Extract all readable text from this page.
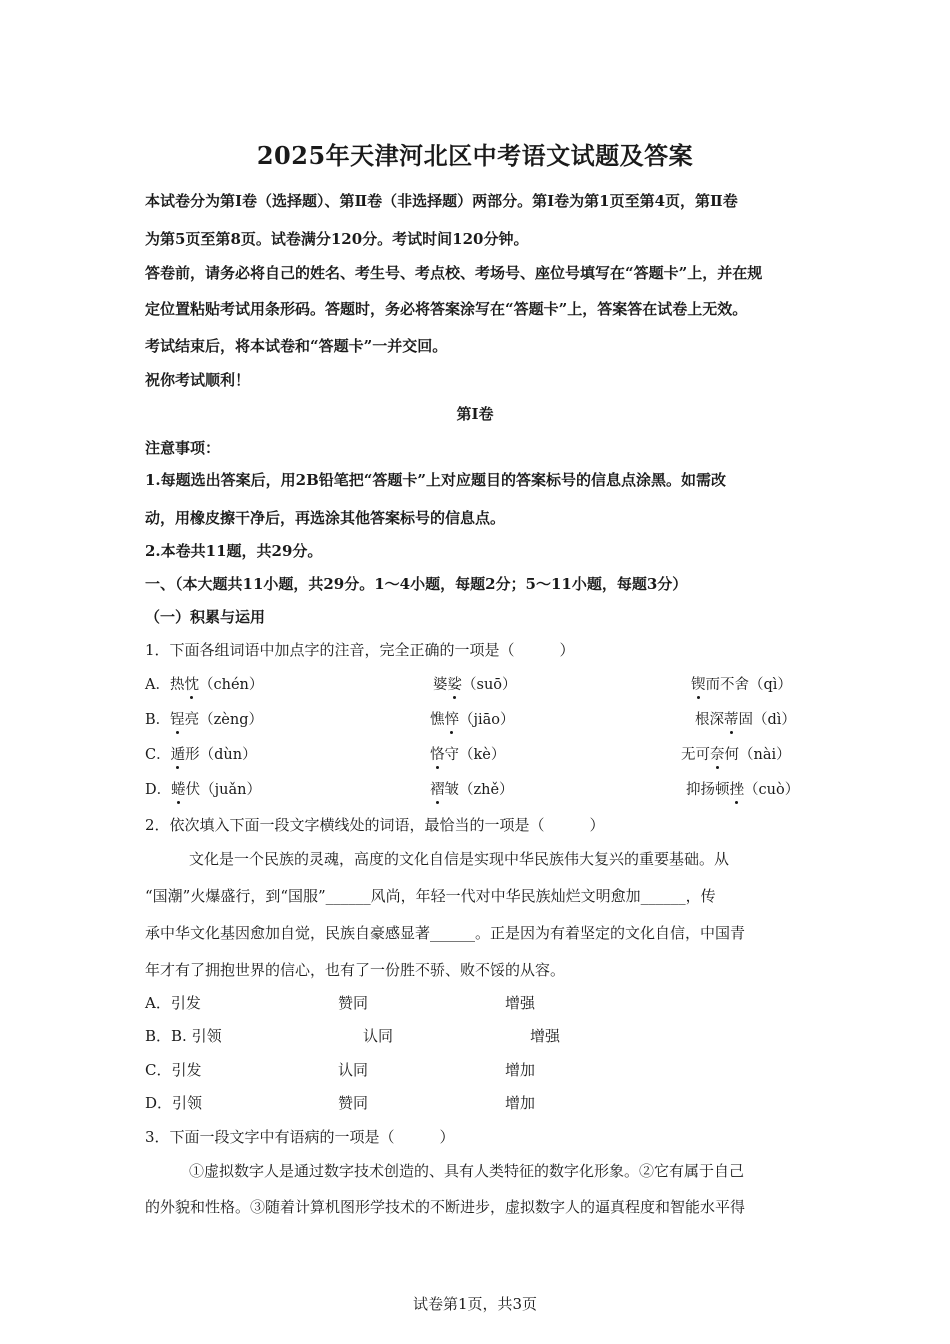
2025年天津河北区中考语文试题及答案
本试卷分为第Ⅰ卷（选择题）、第Ⅱ卷（非选择题）两部分。第Ⅰ卷为第1页至第4页，第Ⅱ卷
为第5页至第8页。试卷满分120分。考试时间120分钟。
答卷前，请务必将自己的姓名、考生号、考点校、考场号、座位号填写在“答题卡”上，并在规
定位置粘贴考试用条形码。答题时，务必将答案涂写在“答题卡”上，答案答在试卷上无效。
考试结束后，将本试卷和“答题卡”一并交回。
祝你考试顺利！
第Ⅰ卷
注意事项：
1.每题选出答案后，用2B铅笔把“答题卡”上对应题目的答案标号的信息点涂黑。如需改
动，用橡皮擦干净后，再选涂其他答案标号的信息点。
2.本卷共11题，共29分。
一、（本大题共11小题，共29分。1～4小题，每题2分；5～11小题，每题3分）
（一）积累与运用
1．下面各组词语中加点字的注音，完全正确的一项是（　　　）
A．热忱（chén）	婆娑（suō）	锲而不舍（qì）
B．锃亮（zèng）	憔悴（jiāo）	根深蒂固（dì）
C．遁形（dùn）	恪守（kè）	无可奈何（nài）
D．蜷伏（juǎn）	褶皱（zhě）	抑扬顿挫（cuò）
2．依次填入下面一段文字横线处的词语，最恰当的一项是（　　　）
文化是一个民族的灵魂，高度的文化自信是实现中华民族伟大复兴的重要基础。从
“国潮”火爆盛行，到“国服”______风尚，年轻一代对中华民族灿烂文明愈加______，传
承中华文化基因愈加自觉，民族自豪感显著______。正是因为有着坚定的文化自信，中国青
年才有了拥抱世界的信心，也有了一份胜不骄、败不馁的从容。
A．引发	赞同	增强
B．B. 引领	认同	增强
C．引发	认同	增加
D．引领	赞同	增加
3．下面一段文字中有语病的一项是（　　　）
①虚拟数字人是通过数字技术创造的、具有人类特征的数字化形象。②它有属于自己
的外貌和性格。③随着计算机图形学技术的不断进步，虚拟数字人的逼真程度和智能水平得
试卷第1页，共3页
